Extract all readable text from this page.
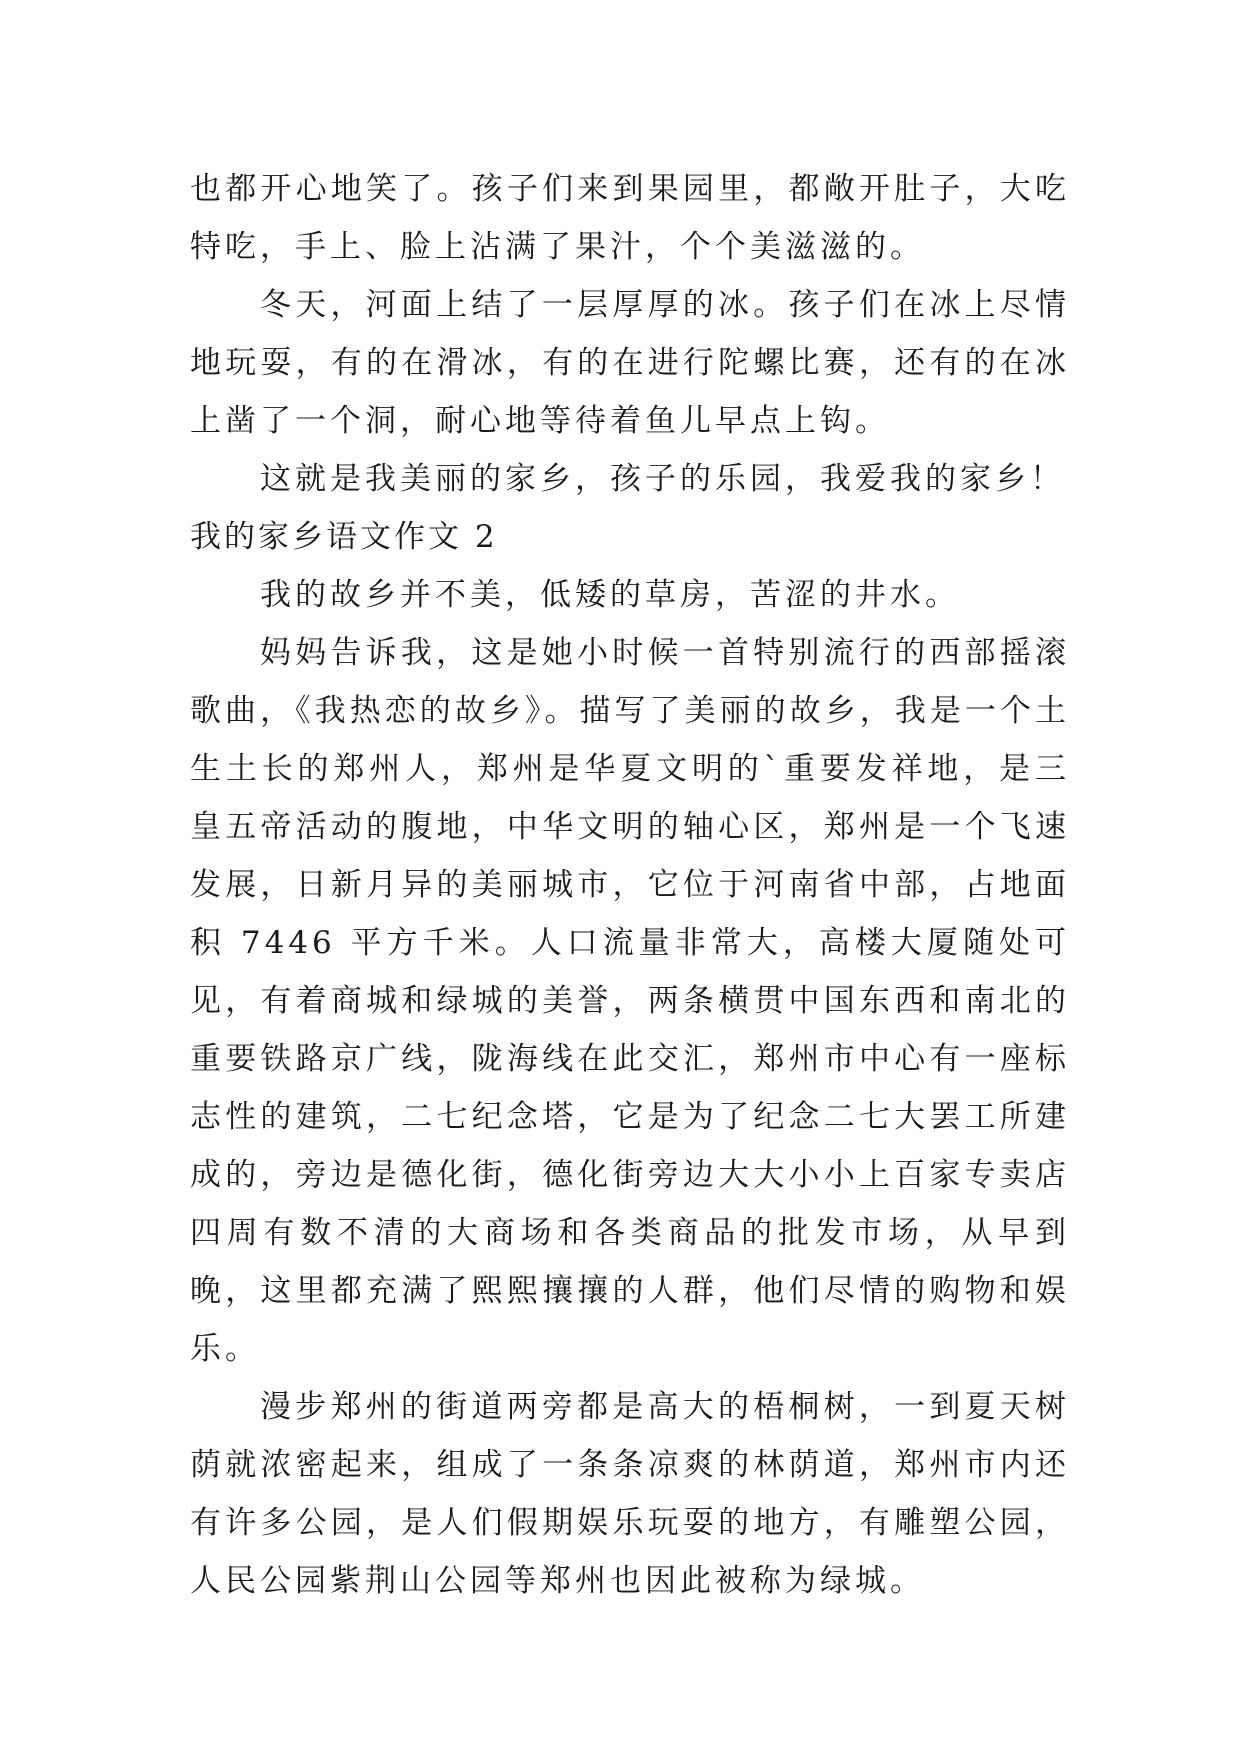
也都开心地笑了。孩子们来到果园里，都敞开肚子，大吃特吃，手上、脸上沾满了果汁，个个美滋滋的。

冬天，河面上结了一层厚厚的冰。孩子们在冰上尽情地玩耍，有的在滑冰，有的在进行陀螺比赛，还有的在冰上凿了一个洞，耐心地等待着鱼儿早点上钩。

这就是我美丽的家乡，孩子的乐园，我爱我的家乡！

我的家乡语文作文 2

我的故乡并不美，低矮的草房，苦涩的井水。

妈妈告诉我，这是她小时候一首特别流行的西部摇滚歌曲，《我热恋的故乡》。描写了美丽的故乡，我是一个土生土长的郑州人，郑州是华夏文明的`重要发祥地，是三皇五帝活动的腹地，中华文明的轴心区，郑州是一个飞速发展，日新月异的美丽城市，它位于河南省中部，占地面积 7446 平方千米。人口流量非常大，高楼大厦随处可见，有着商城和绿城的美誉，两条横贯中国东西和南北的重要铁路京广线，陇海线在此交汇，郑州市中心有一座标志性的建筑，二七纪念塔，它是为了纪念二七大罢工所建成的，旁边是德化街，德化街旁边大大小小上百家专卖店四周有数不清的大商场和各类商品的批发市场，从早到晚，这里都充满了熙熙攘攘的人群，他们尽情的购物和娱乐。

漫步郑州的街道两旁都是高大的梧桐树，一到夏天树荫就浓密起来，组成了一条条凉爽的林荫道，郑州市内还有许多公园，是人们假期娱乐玩耍的地方，有雕塑公园，人民公园紫荆山公园等郑州也因此被称为绿城。
